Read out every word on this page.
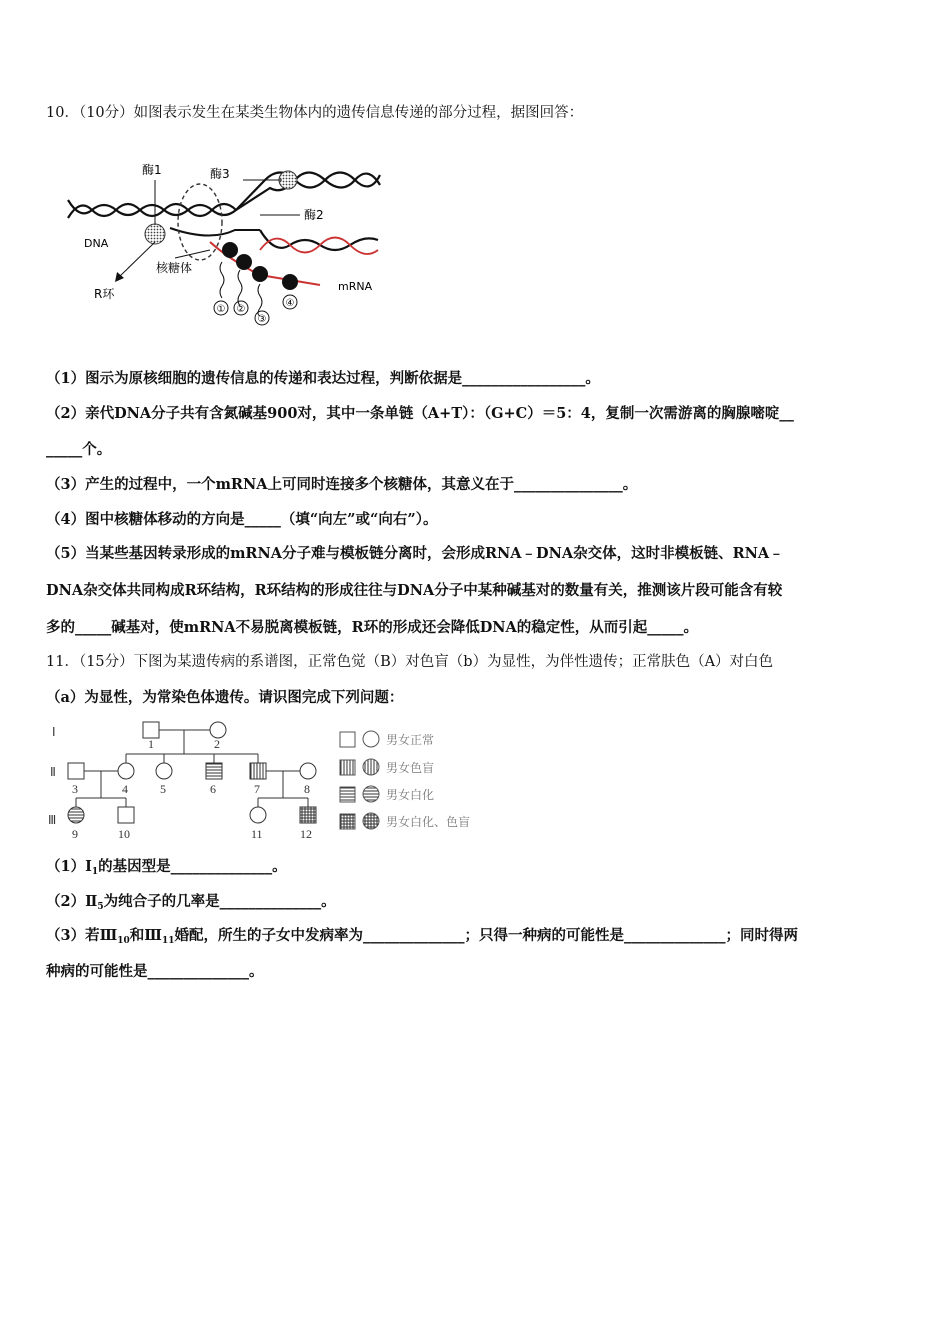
10．（10分）如图表示发生在某类生物体内的遗传信息传递的部分过程，据图回答：
酶1	酶3
酶2
DNA
核糖体
R环
mRNA
① ②
③
④
（1）图示为原核细胞的遗传信息的传递和表达过程，判断依据是_________________。
（2）亲代DNA分子共有含氮碱基900对，其中一条单链（A+T）：（G+C）＝5：4，复制一次需游离的胸腺嘧啶__
_____个。
（3）产生的过程中，一个mRNA上可同时连接多个核糖体，其意义在于_______________。
（4）图中核糖体移动的方向是_____（填“向左”或“向右”）。
（5）当某些基因转录形成的mRNA分子难与模板链分离时，会形成RNA﹣DNA杂交体，这时非模板链、RNA﹣
DNA杂交体共同构成R环结构，R环结构的形成往往与DNA分子中某种碱基对的数量有关，推测该片段可能含有较
多的_____碱基对，使mRNA不易脱离模板链，R环的形成还会降低DNA的稳定性，从而引起_____。
11．（15分）下图为某遗传病的系谱图，正常色觉（B）对色盲（b）为显性，为伴性遗传；正常肤色（A）对白色
（a）为显性，为常染色体遗传。请识图完成下列问题：
Ⅰ
Ⅱ
Ⅲ
1	2
3	4	5	6	7	8
9	10	11	12
男女正常
男女色盲
男女白化
男女白化、色盲
$(1)Ⅰ_1$的基因型是______________。
$(2)Ⅱ_5$为纯合子的几率是______________。
（3）若$Ⅲ_{10}$和$Ⅲ_{11}$婚配，所生的子女中发病率为______________；只得一种病的可能性是______________；同时得两
种病的可能性是______________。
